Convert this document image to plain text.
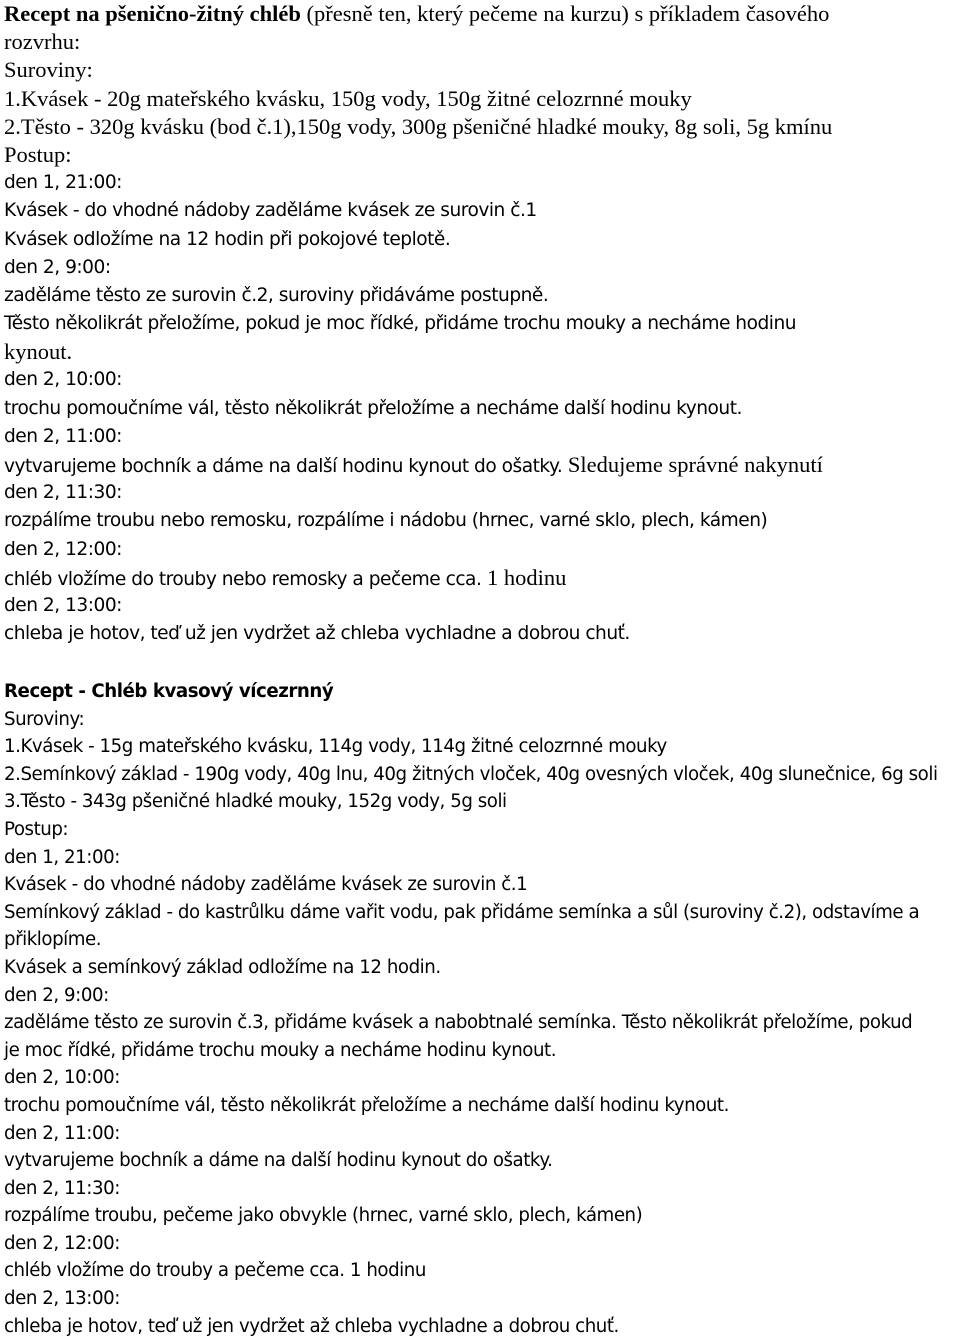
Recept na pšenično-žitný chléb (přesně ten, který pečeme na kurzu) s příkladem časového
rozvrhu:
Suroviny:
1.Kvásek - 20g mateřského kvásku, 150g vody, 150g žitné celozrnné mouky
2.Těsto - 320g kvásku (bod č.1),150g vody, 300g pšeničné hladké mouky, 8g soli, 5g kmínu
Postup:
den 1, 21:00:
Kvásek - do vhodné nádoby zaděláme kvásek ze surovin č.1
Kvásek odložíme na 12 hodin při pokojové teplotě.
den 2, 9:00:
zaděláme těsto ze surovin č.2, suroviny přidáváme postupně.
Těsto několikrát přeložíme, pokud je moc řídké, přidáme trochu mouky a necháme hodinu
kynout.
den 2, 10:00:
trochu pomoučníme vál, těsto několikrát přeložíme a necháme další hodinu kynout.
den 2, 11:00:
vytvarujeme bochník a dáme na další hodinu kynout do ošatky. Sledujeme správné nakynutí
den 2, 11:30:
rozpálíme troubu nebo remosku, rozpálíme i nádobu (hrnec, varné sklo, plech, kámen)
den 2, 12:00:
chléb vložíme do trouby nebo remosky a pečeme cca. 1 hodinu
den 2, 13:00:
chleba je hotov, teď už jen vydržet až chleba vychladne a dobrou chuť.
Recept - Chléb kvasový vícezrnný
Suroviny:
1.Kvásek - 15g mateřského kvásku, 114g vody, 114g žitné celozrnné mouky
2.Semínkový základ - 190g vody, 40g lnu, 40g žitných vloček, 40g ovesných vloček, 40g slunečnice, 6g soli
3.Těsto - 343g pšeničné hladké mouky, 152g vody, 5g soli
Postup:
den 1, 21:00:
Kvásek - do vhodné nádoby zaděláme kvásek ze surovin č.1
Semínkový základ - do kastrůlku dáme vařit vodu, pak přidáme semínka a sůl (suroviny č.2), odstavíme a
přiklopíme.
Kvásek a semínkový základ odložíme na 12 hodin.
den 2, 9:00:
zaděláme těsto ze surovin č.3, přidáme kvásek a nabobtnalé semínka. Těsto několikrát přeložíme, pokud
je moc řídké, přidáme trochu mouky a necháme hodinu kynout.
den 2, 10:00:
trochu pomoučníme vál, těsto několikrát přeložíme a necháme další hodinu kynout.
den 2, 11:00:
vytvarujeme bochník a dáme na další hodinu kynout do ošatky.
den 2, 11:30:
rozpálíme troubu, pečeme jako obvykle (hrnec, varné sklo, plech, kámen)
den 2, 12:00:
chléb vložíme do trouby a pečeme cca. 1 hodinu
den 2, 13:00:
chleba je hotov, teď už jen vydržet až chleba vychladne a dobrou chuť.
